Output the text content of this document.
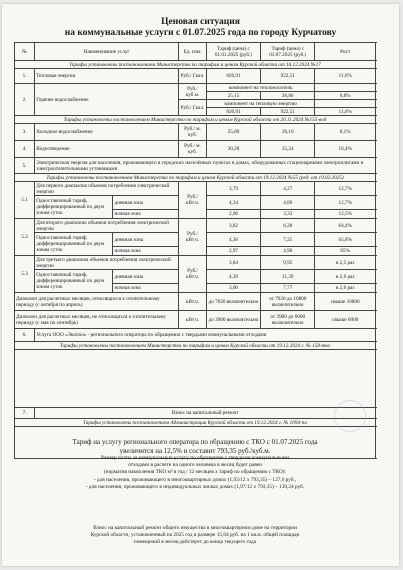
Ценовая ситуация
на коммунальные услуги с 01.07.2025 года по городу Курчатову
№	Наименование услуг		Ед. изм.	Тариф (цена) с 01.01.2025 (руб.)	Тариф (цена) с 01.07.2025 (руб.)	Рост
Тарифы установлены постановлением Министерства по тарифам и ценам Курской области от 16.12.2024 №17						
1.	Тепловая энергия		Руб./ Гкал.	826,91	922,51	11,6%
2.	Горячее водоснабжение		Руб./ куб.м.	компонент на теплоноситель		
				25,15	26,86	6,8%
			Руб./ Гкал.	компонент на тепловую энергию		
				826,91	922,51	11,6%
Тарифы установлены постановлением Министерства по тарифам и ценам Курской области от 20.11.2024 №155-вод						
3.	Холодное водоснабжение		Руб./ м. куб.	25,89	26,10	8,1%
4.	Водоотведение		Руб./ м. куб.	30,28	35,24	16,4%
5.	Электрическая энергия для населения, проживающего в городских населённых пунктах в домах, оборудованных стационарными электроплитами и электроотопительными установками					
Тарифы установлены постановлением Министерства по тарифам и ценам Курской области от 19.12.2024 №55 (ред. от 19.02.2025)						
5.1	Для первого диапазона объемов потребления электрической энергии		Руб./ кВт.ч.	3,79	4,27	12,7%
	Одноставочный тариф, дифференцированный по двум зонам суток	дневная зона		4,34	4,89	12,7%
		ночная зона		2,96	3,33	12,5%
5.2	Для второго диапазона объемов потребления электрической энергии		Руб./ кВт.ч.	3,82	6,28	64,4%
	Одноставочный тариф, дифференцированный по двум зонам суток	дневная зона		4,36	7,25	65,8%
		ночная зона		2,97	4,90	65%
5.3	Для третьего диапазона объемов потребления электрической энергии		Руб./ кВт.ч.	3,84	9,95	в 2,5 раз
	Одноставочный тариф, дифференцированный по двум зонам суток	дневная зона		4,39	11,39	в 2,6 раз
		ночная зона		3,00	7,77	в 2,6 раз
Диапазон для расчетных месяцев, относящихся к отопительному периоду (с октября по апрель)			кВт.ч.	до 7020 включительно	от 7020 до 10800 включительно	свыше 10800
Диапазон для расчетных месяцев, не относящихся к отопительному периоду (с мая по сентябрь)			кВт.ч.	до 3900 включительно	от 3900 до 6000 включительно	свыше 6000
6.	Услуга ООО «Экопол» - регионального оператора по обращению с твердыми коммунальными отходами					
Тарифы установлены постановлением Министерства по тарифам и ценам Курской области от 19.12.2024 г. № 158-тко						

7.	Взнос на капитальный ремонт					
Тарифы установлены постановлением Администрации Курской области от 19.12.2024 г. № 1094-па						

Тариф на услугу регионального оператора по обращению с ТКО с 01.07.2025 года
увеличится на 12,5% и составит 793,35 руб./куб.м.
Размер платы за коммунальную услугу по обращению с твердыми коммунальными
отходами в расчете на одного человека в месяц будет равен
(норматив накопления ТКО м³ в год / 12 месяцев x тариф по обращению с ТКО):
- для населения, проживающего в многоквартирных домах (1,93/12 x 793,35) – 127,6 руб.,
- для населения, проживающего в индивидуальных жилых домах (1,97/12 x 793,35) – 130,24 руб.
Взнос на капитальный ремонт общего имущества в многоквартирном доме на территории
Курской области, установленный на 2025 год в размере 15,04 руб. на 1 кв.м. общей площади
помещений в месяц действует до конца текущего года
